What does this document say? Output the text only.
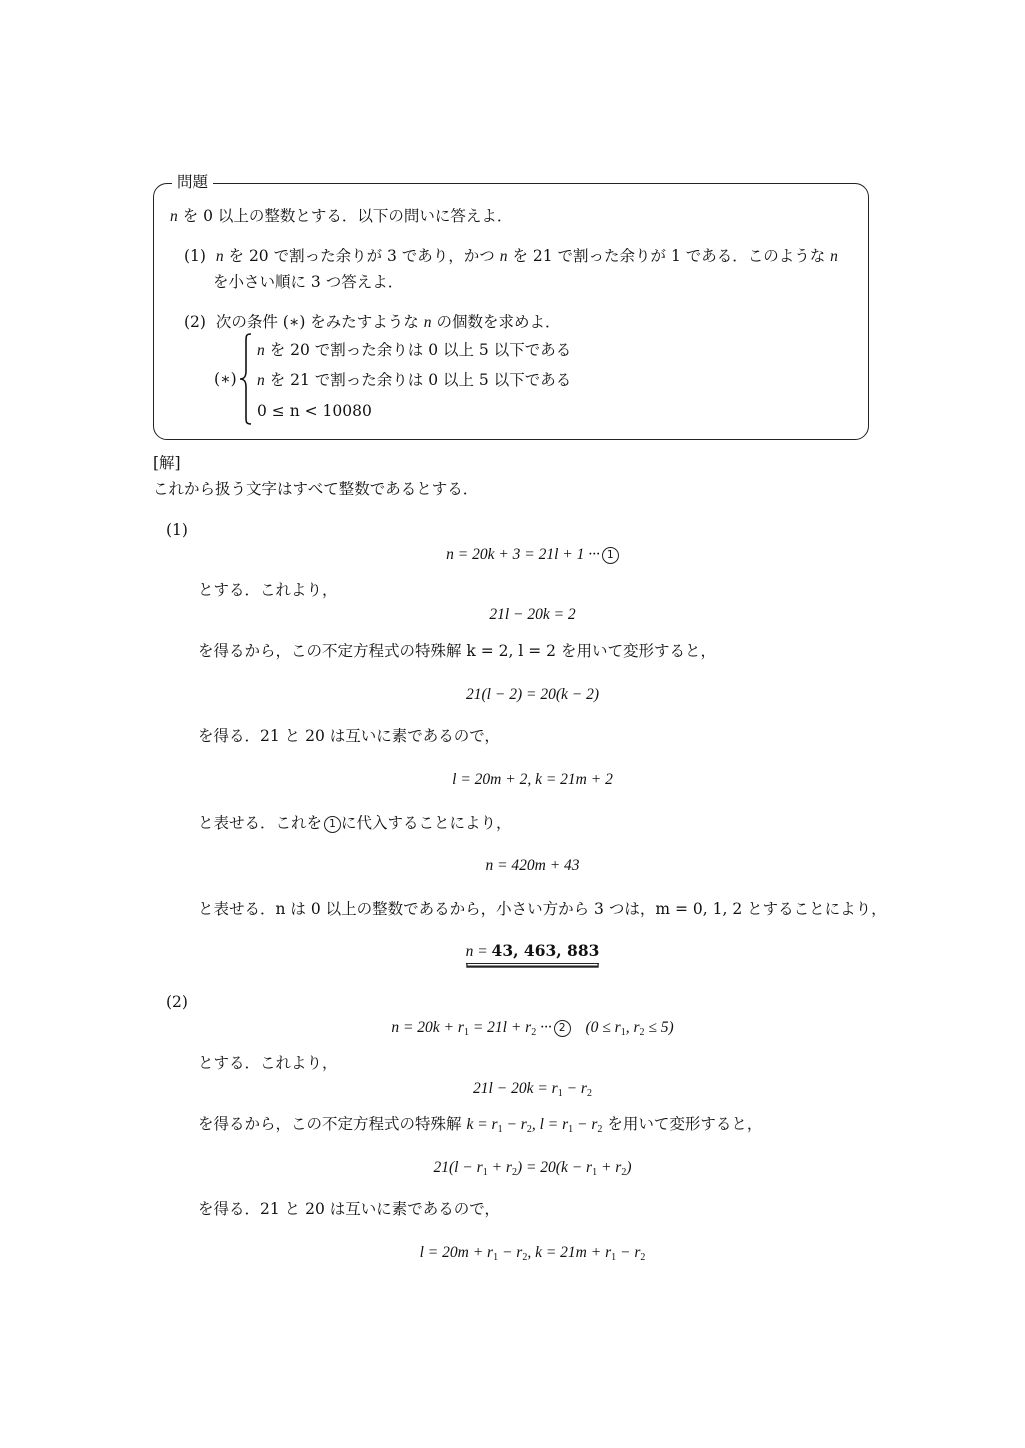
問題
n を 0 以上の整数とする．以下の問いに答えよ．
(1) n を 20 で割った余りが 3 であり，かつ n を 21 で割った余りが 1 である．このような n
を小さい順に 3 つ答えよ．
(2) 次の条件 (∗) をみたすような n の個数を求めよ．
(∗)
n を 20 で割った余りは 0 以上 5 以下である
n を 21 で割った余りは 0 以上 5 以下である
0 ≤ n < 10080
[解]
これから扱う文字はすべて整数であるとする．
(1)
n = 20k + 3 = 21l + 1 ··· 1
とする．これより，
21l − 20k = 2
を得るから，この不定方程式の特殊解 k = 2, l = 2 を用いて変形すると，
21(l − 2) = 20(k − 2)
を得る．21 と 20 は互いに素であるので，
l = 20m + 2, k = 21m + 2
と表せる．これを 1 に代入することにより，
n = 420m + 43
と表せる．n は 0 以上の整数であるから，小さい方から 3 つは，m = 0, 1, 2 とすることにより，
n = 43, 463, 883
(2)
$n = 20k + r_1 = 21l + r_2$ ··· 2 ($0 \le r_1$, $r_2 \le 5$)
とする．これより，
$21l - 20k = r_1 - r_2$
を得るから，この不定方程式の特殊解 $k = r_1 - r_2$, $l = r_1 - r_2$ を用いて変形すると，
$21(l - r_1 + r_2) = 20(k - r_1 + r_2)$
を得る．21 と 20 は互いに素であるので，
$l = 20m + r_1 - r_2$, $k = 21m + r_1 - r_2$
